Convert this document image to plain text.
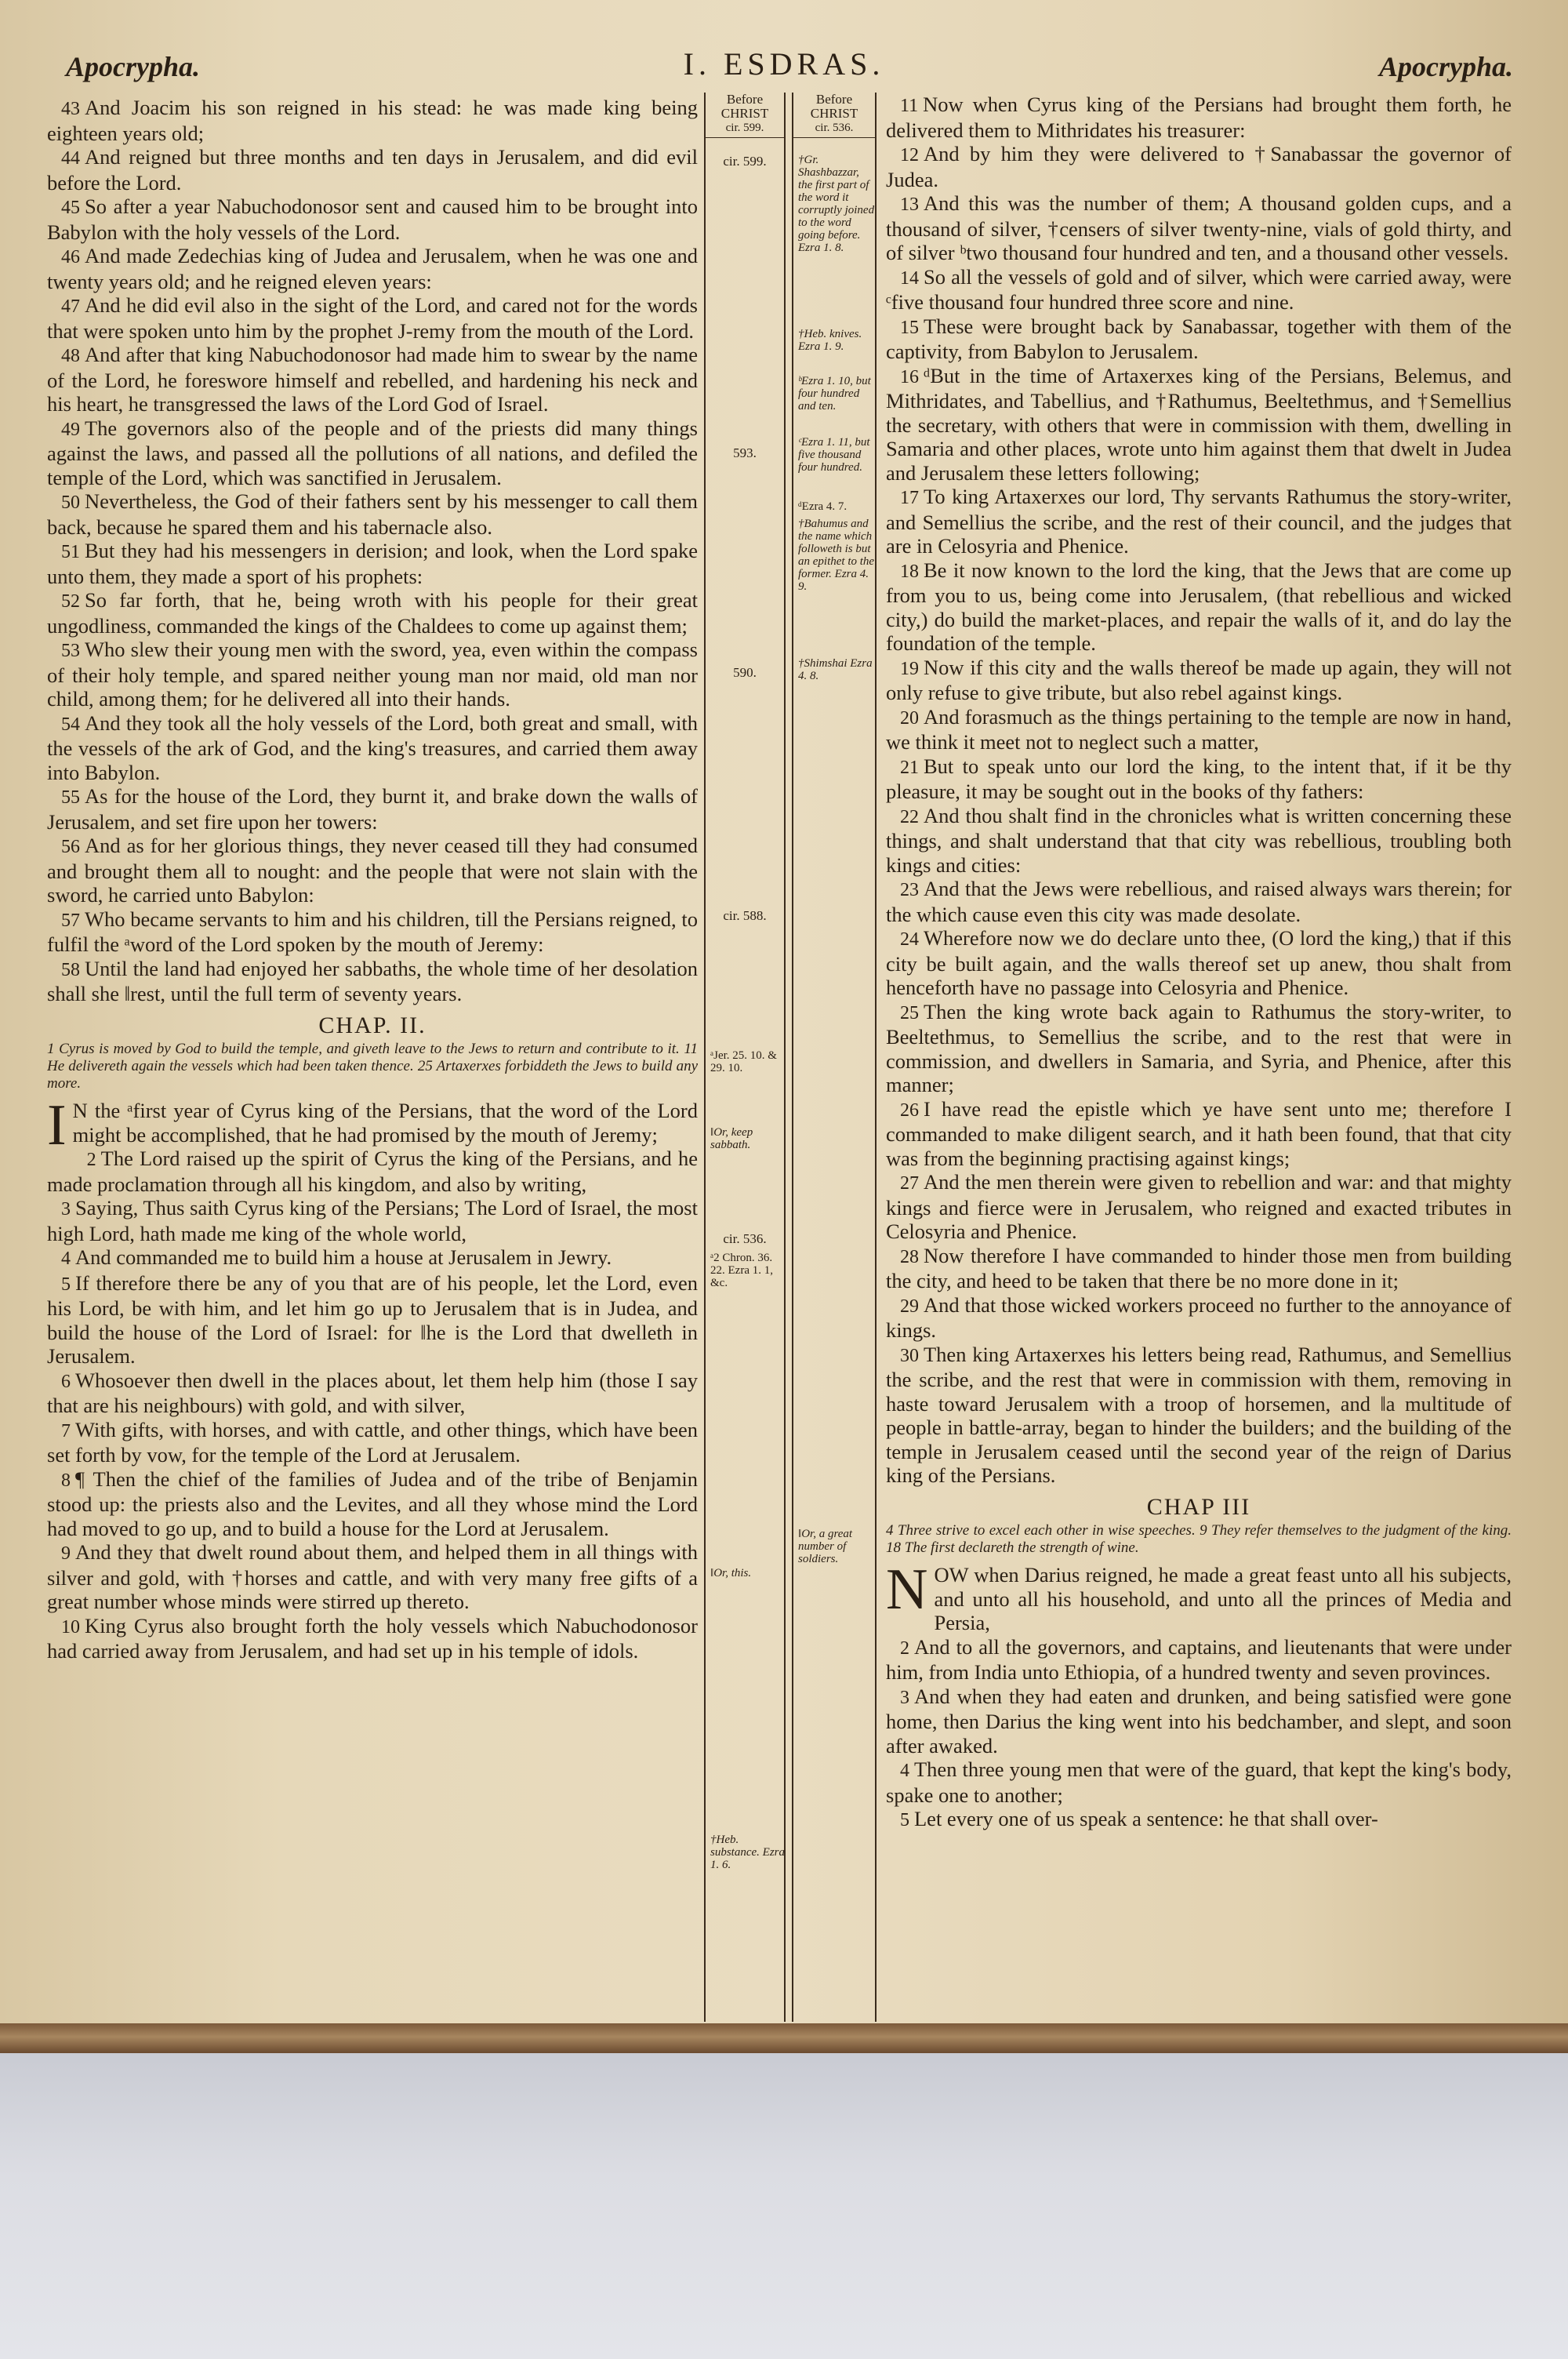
Apocrypha.	I. ESDRAS.	Apocrypha.

43 And Joacim his son reigned in his stead: he was made king being eighteen years old;

44 And reigned but three months and ten days in Jerusalem, and did evil before the Lord.

45 So after a year Nabuchodonosor sent and caused him to be brought into Babylon with the holy vessels of the Lord.

46 And made Zedechias king of Judea and Jerusalem, when he was one and twenty years old; and he reigned eleven years:

47 And he did evil also in the sight of the Lord, and cared not for the words that were spoken unto him by the prophet J-remy from the mouth of the Lord.

48 And after that king Nabuchodonosor had made him to swear by the name of the Lord, he foreswore himself and rebelled, and hardening his neck and his heart, he transgressed the laws of the Lord God of Israel.

49 The governors also of the people and of the priests did many things against the laws, and passed all the pollutions of all nations, and defiled the temple of the Lord, which was sanctified in Jerusalem.

50 Nevertheless, the God of their fathers sent by his messenger to call them back, because he spared them and his tabernacle also.

51 But they had his messengers in derision; and look, when the Lord spake unto them, they made a sport of his prophets:

52 So far forth, that he, being wroth with his people for their great ungodliness, commanded the kings of the Chaldees to come up against them;

53 Who slew their young men with the sword, yea, even within the compass of their holy temple, and spared neither young man nor maid, old man nor child, among them; for he delivered all into their hands.

54 And they took all the holy vessels of the Lord, both great and small, with the vessels of the ark of God, and the king's treasures, and carried them away into Babylon.

55 As for the house of the Lord, they burnt it, and brake down the walls of Jerusalem, and set fire upon her towers:

56 And as for her glorious things, they never ceased till they had consumed and brought them all to nought: and the people that were not slain with the sword, he carried unto Babylon:

57 Who became servants to him and his children, till the Persians reigned, to fulfil the ᵃword of the Lord spoken by the mouth of Jeremy:

58 Until the land had enjoyed her sabbaths, the whole time of her desolation shall she ‖rest, until the full term of seventy years.

CHAP. II.

1 Cyrus is moved by God to build the temple, and giveth leave to the Jews to return and contribute to it. 11 He delivereth again the vessels which had been taken thence. 25 Artaxerxes forbiddeth the Jews to build any more.

I N the ᵃfirst year of Cyrus king of the Persians, that the word of the Lord might be accomplished, that he had promised by the mouth of Jeremy;

2 The Lord raised up the spirit of Cyrus the king of the Persians, and he made proclamation through all his kingdom, and also by writing,

3 Saying, Thus saith Cyrus king of the Persians; The Lord of Israel, the most high Lord, hath made me king of the whole world,

4 And commanded me to build him a house at Jerusalem in Jewry.

5 If therefore there be any of you that are of his people, let the Lord, even his Lord, be with him, and let him go up to Jerusalem that is in Judea, and build the house of the Lord of Israel: for ‖he is the Lord that dwelleth in Jerusalem.

6 Whosoever then dwell in the places about, let them help him (those I say that are his neighbours) with gold, and with silver,

7 With gifts, with horses, and with cattle, and other things, which have been set forth by vow, for the temple of the Lord at Jerusalem.

8 ¶ Then the chief of the families of Judea and of the tribe of Benjamin stood up: the priests also and the Levites, and all they whose mind the Lord had moved to go up, and to build a house for the Lord at Jerusalem.

9 And they that dwelt round about them, and helped them in all things with silver and gold, with †horses and cattle, and with very many free gifts of a great number whose minds were stirred up thereto.

10 King Cyrus also brought forth the holy vessels which Nabuchodonosor had carried away from Jerusalem, and had set up in his temple of idols.

Before
CHRIST
cir. 599.
cir. 599.
593.
590.
cir. 588.
cir. 536.
ᵃJer. 25. 10. & 29. 10.
‖Or, keep sabbath.
ᵃ2 Chron. 36. 22. Ezra 1. 1, &c.
‖Or, this.
†Heb. substance. Ezra 1. 6.
Before
CHRIST
cir. 536.
†Gr. Shashbazzar, the first part of the word it corruptly joined to the word going before. Ezra 1. 8.
†Heb. knives. Ezra 1. 9.
ᵇEzra 1. 10, but four hundred and ten.
ᶜEzra 1. 11, but five thousand four hundred.
ᵈEzra 4. 7.
†Bahumus and the name which followeth is but an epithet to the former. Ezra 4. 9.
†Shimshai Ezra 4. 8.
‖Or, a great number of soldiers.

11 Now when Cyrus king of the Persians had brought them forth, he delivered them to Mithridates his treasurer:

12 And by him they were delivered to †Sanabassar the governor of Judea.

13 And this was the number of them; A thousand golden cups, and a thousand of silver, †censers of silver twenty-nine, vials of gold thirty, and of silver ᵇtwo thousand four hundred and ten, and a thousand other vessels.

14 So all the vessels of gold and of silver, which were carried away, were ᶜfive thousand four hundred three score and nine.

15 These were brought back by Sanabassar, together with them of the captivity, from Babylon to Jerusalem.

16 ᵈBut in the time of Artaxerxes king of the Persians, Belemus, and Mithridates, and Tabellius, and †Rathumus, Beeltethmus, and †Semellius the secretary, with others that were in commission with them, dwelling in Samaria and other places, wrote unto him against them that dwelt in Judea and Jerusalem these letters following;

17 To king Artaxerxes our lord, Thy servants Rathumus the story-writer, and Semellius the scribe, and the rest of their council, and the judges that are in Celosyria and Phenice.

18 Be it now known to the lord the king, that the Jews that are come up from you to us, being come into Jerusalem, (that rebellious and wicked city,) do build the market-places, and repair the walls of it, and do lay the foundation of the temple.

19 Now if this city and the walls thereof be made up again, they will not only refuse to give tribute, but also rebel against kings.

20 And forasmuch as the things pertaining to the temple are now in hand, we think it meet not to neglect such a matter,

21 But to speak unto our lord the king, to the intent that, if it be thy pleasure, it may be sought out in the books of thy fathers:

22 And thou shalt find in the chronicles what is written concerning these things, and shalt understand that that city was rebellious, troubling both kings and cities:

23 And that the Jews were rebellious, and raised always wars therein; for the which cause even this city was made desolate.

24 Wherefore now we do declare unto thee, (O lord the king,) that if this city be built again, and the walls thereof set up anew, thou shalt from henceforth have no passage into Celosyria and Phenice.

25 Then the king wrote back again to Rathumus the story-writer, to Beeltethmus, to Semellius the scribe, and to the rest that were in commission, and dwellers in Samaria, and Syria, and Phenice, after this manner;

26 I have read the epistle which ye have sent unto me; therefore I commanded to make diligent search, and it hath been found, that that city was from the beginning practising against kings;

27 And the men therein were given to rebellion and war: and that mighty kings and fierce were in Jerusalem, who reigned and exacted tributes in Celosyria and Phenice.

28 Now therefore I have commanded to hinder those men from building the city, and heed to be taken that there be no more done in it;

29 And that those wicked workers proceed no further to the annoyance of kings.

30 Then king Artaxerxes his letters being read, Rathumus, and Semellius the scribe, and the rest that were in commission with them, removing in haste toward Jerusalem with a troop of horsemen, and ‖a multitude of people in battle-array, began to hinder the builders; and the building of the temple in Jerusalem ceased until the second year of the reign of Darius king of the Persians.

CHAP III

4 Three strive to excel each other in wise speeches. 9 They refer themselves to the judgment of the king. 18 The first declareth the strength of wine.

NOW when Darius reigned, he made a great feast unto all his subjects, and unto all his household, and unto all the princes of Media and Persia,

2 And to all the governors, and captains, and lieutenants that were under him, from India unto Ethiopia, of a hundred twenty and seven provinces.

3 And when they had eaten and drunken, and being satisfied were gone home, then Darius the king went into his bedchamber, and slept, and soon after awaked.

4 Then three young men that were of the guard, that kept the king's body, spake one to another;

5 Let every one of us speak a sentence: he that shall over-
